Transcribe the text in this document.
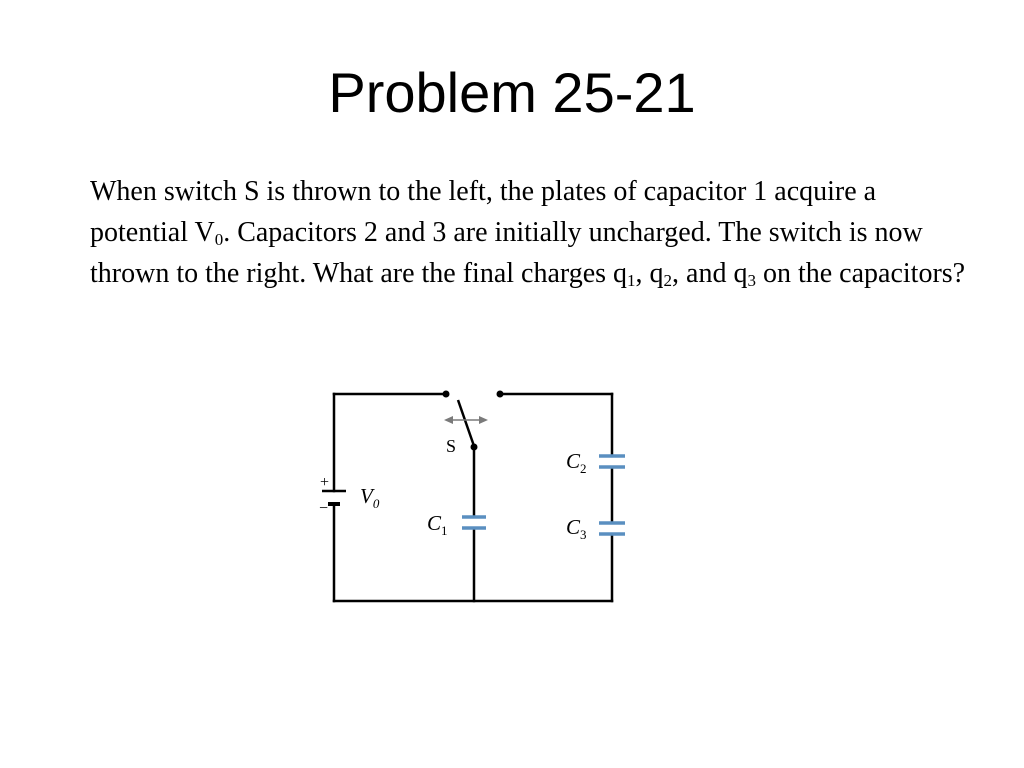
Problem 25-21

When switch S is thrown to the left, the plates of capacitor 1 acquire a potential $V_0$. Capacitors 2 and 3 are initially uncharged. The switch is now thrown to the right. What are the final charges $q_1$, $q_2$, and $q_3$ on the capacitors?

S
+
−
$V_0$
$C_1$
$C_2$
$C_3$
